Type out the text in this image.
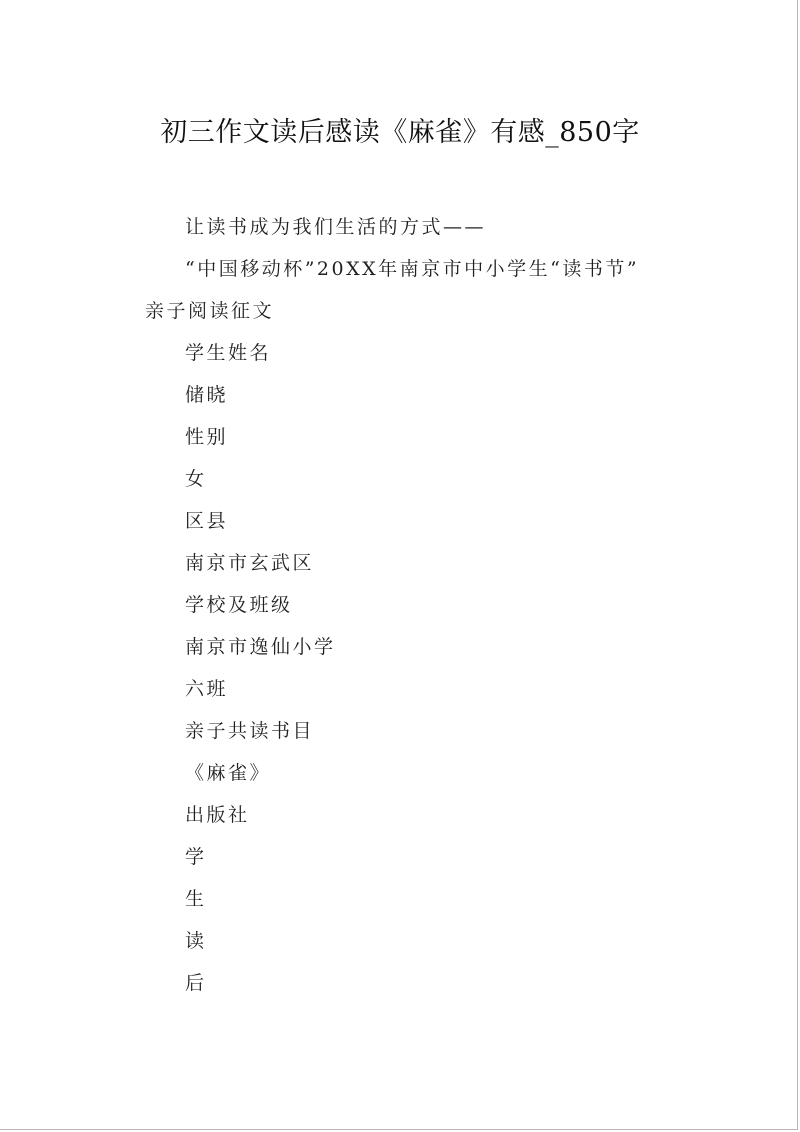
初三作文读后感读《麻雀》有感_850字
让读书成为我们生活的方式——
“中国移动杯”20XX年南京市中小学生“读书节”
亲子阅读征文
学生姓名
储晓
性别
女
区县
南京市玄武区
学校及班级
南京市逸仙小学
六班
亲子共读书目
《麻雀》
出版社
学
生
读
后
